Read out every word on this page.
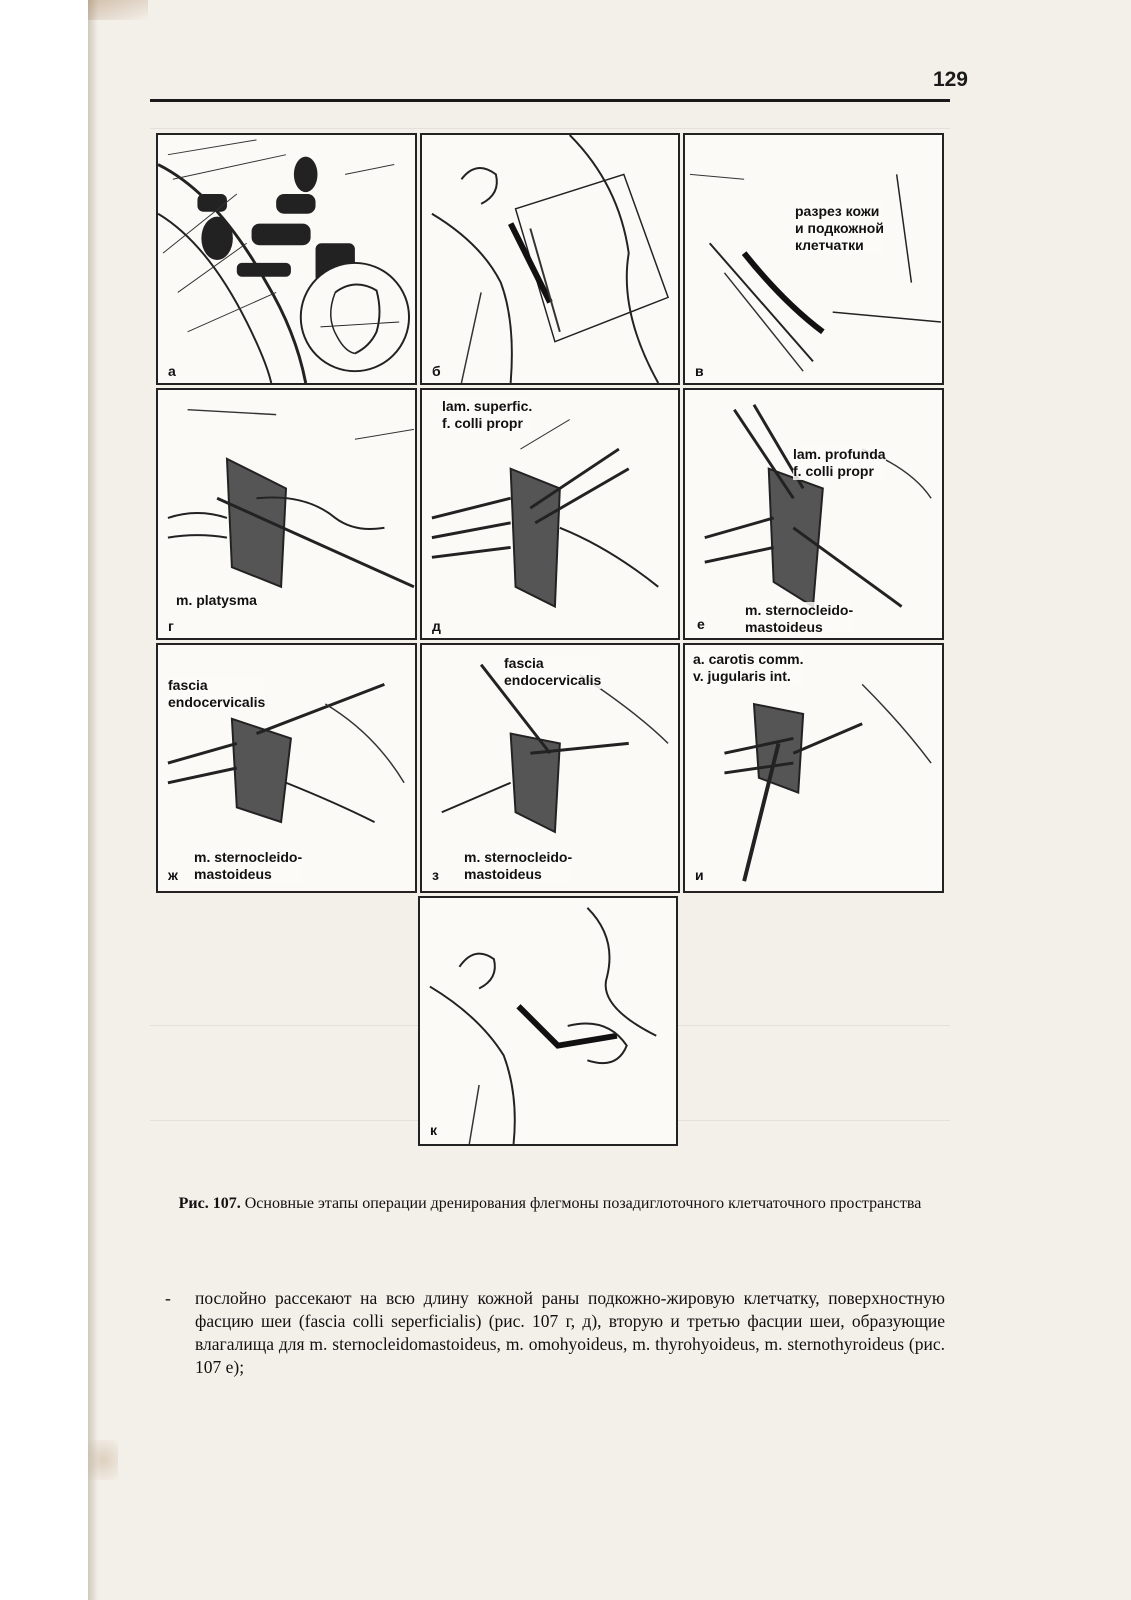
129
а	б
разрез кожи
и подкожной
клетчатки
в
m. platysma
г
lam. superfic.
f. colli propr
д
lam. profunda
f. colli propr
m. sternocleido-
mastoideus
е
fascia
endocervicalis
m. sternocleido-
mastoideus
ж
fascia
endocervicalis
m. sternocleido-
mastoideus
з
a. carotis comm.
v. jugularis int.
и
к
Рис. 107. Основные этапы операции дренирования флегмоны позадиглоточного клетчаточного пространства
-	послойно рассекают на всю длину кожной раны подкожно-жировую клетчатку, поверхностную фасцию шеи (fascia colli seperficialis) (рис. 107 г, д), вторую и третью фасции шеи, образующие влагалища для m. sternocleidomastoideus, m. omohyoideus, m. thyrohyoideus, m. sternothyroideus (рис. 107 е);
